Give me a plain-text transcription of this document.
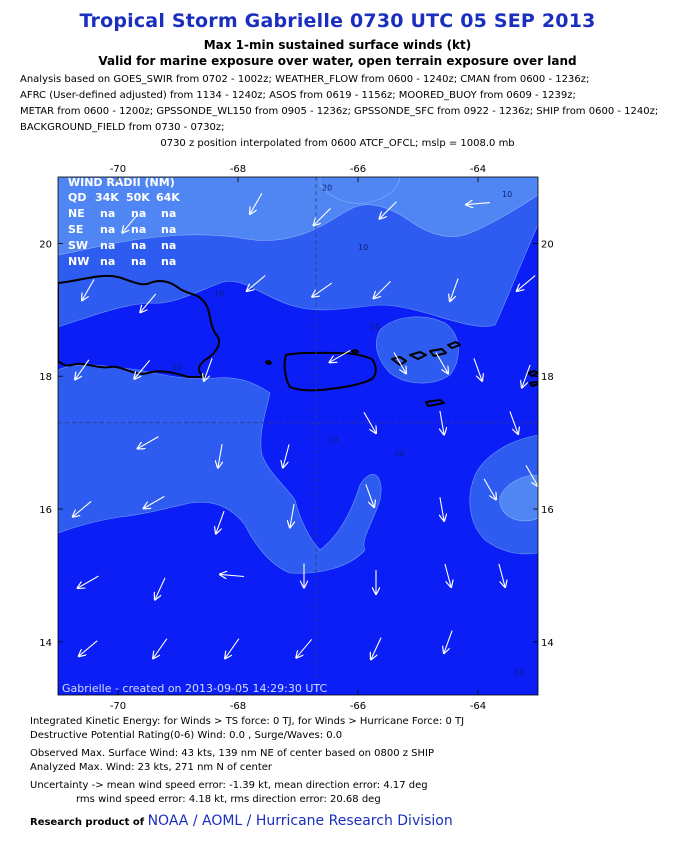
Tropical Storm Gabrielle 0730 UTC 05 SEP 2013
Max 1-min sustained surface winds (kt)
Valid for marine exposure over water, open terrain exposure over land
Analysis based on GOES_SWIR from 0702 - 1002z; WEATHER_FLOW from 0600 - 1240z; CMAN from 0600 - 1236z;
AFRC (User-defined adjusted) from 1134 - 1240z; ASOS from 0619 - 1156z; MOORED_BUOY from 0609 - 1239z;
METAR from 0600 - 1200z; GPSSONDE_WL150 from 0905 - 1236z; GPSSONDE_SFC from 0922 - 1236z; SHIP from 0600 - 1240z;
BACKGROUND_FIELD from 0730 - 0730z;
0730 z position interpolated from 0600 ATCF_OFCL; mslp = 1008.0 mb
20
10
10
10
10
10
10
10
10
WIND RADII (NM)
QD 34K 50K 64K
NE na na na
SE na na na
SW na na na
NW na na na
Gabrielle - created on 2013-09-05 14:29:30 UTC
-70
-70
-68
-68
-66
-66
-64
-64
20	20
18	18
16	16
14	14
Integrated Kinetic Energy: for Winds > TS force: 0 TJ, for Winds > Hurricane Force: 0 TJ
Destructive Potential Rating(0-6) Wind: 0.0 , Surge/Waves: 0.0
Observed Max. Surface Wind: 43 kts, 139 nm NE of center based on 0800 z SHIP
Analyzed Max. Wind: 23 kts, 271 nm N of center
Uncertainty -> mean wind speed error: -1.39 kt, mean direction error: 4.17 deg
rms wind speed error: 4.18 kt, rms direction error: 20.68 deg
Research product of NOAA / AOML / Hurricane Research Division
